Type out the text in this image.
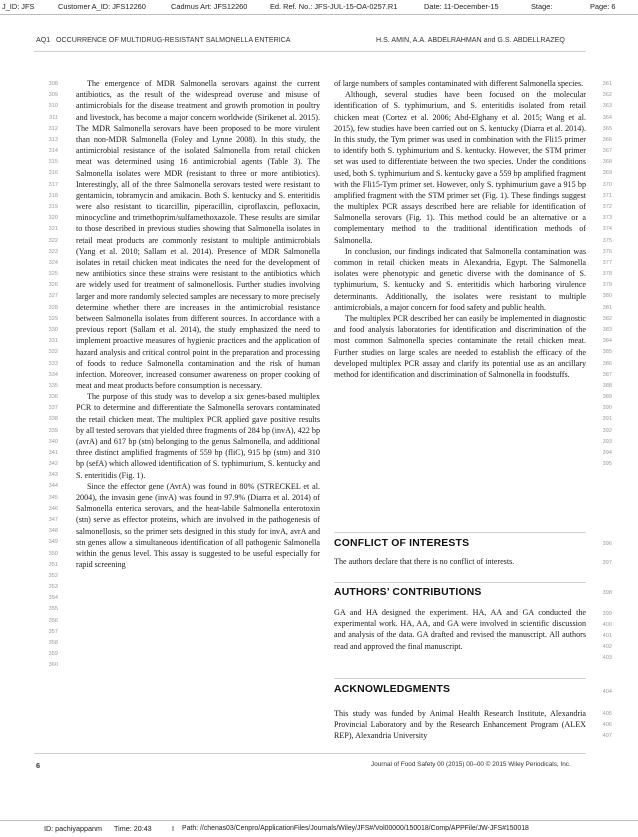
J_ID: JFS	Customer A_ID: JFS12260	Cadmus Art: JFS12260	Ed. Ref. No.: JFS-JUL-15-OA-0257.R1	Date: 11-December-15	Stage:	Page: 6
AQ1 OCCURRENCE OF MULTIDRUG-RESISTANT SALMONELLA ENTERICA	H.S. AMIN, A.A. ABDELRAHMAN and G.S. ABDELLRAZEQ
308
309
310
311
312
313
314
315
316
317
318
319
320
321
322
323
324
325
326
327
328
329
330
331
332
333
334
335
336
337
338
339
340
341
342
343
344
345
346
347
348
349
350
351
352
353
354
355
356
357
358
359
360
361
362
363
364
365
366
367
368
369
370
371
372
373
374
375
376
377
378
379
380
381
382
383
384
385
386
387
388
389
390
391
392
393
394
395

The emergence of MDR Salmonella serovars against the current antibiotics, as the result of the widespread overuse and misuse of antimicrobials for the disease treatment and growth promotion in poultry and livestock, has become a major concern worldwide (Sirikenet al. 2015). The MDR Salmonella serovars have been proposed to be more virulent than non-MDR Salmonella (Foley and Lynne 2008). In this study, the antimicrobial resistance of the isolated Salmonella from retail chicken meat was determined using 16 antimicrobial agents (Table 3). The Salmonella isolates were MDR (resistant to three or more antibiotics). Interestingly, all of the three Salmonella serovars tested were resistant to gentamicin, tobramycin and amikacin. Both S. kentucky and S. enteritidis were also resistant to ticarcillin, piperacillin, ciproflaxcin, pefloxacin, minocycline and trimethoprim/sulfamethoxazole. These results are similar to those described in previous studies showing that Salmonella isolates in retail meat products are commonly resistant to multiple antimicrobials (Yang et al. 2010; Sallam et al. 2014). Presence of MDR Salmonella isolates in retail chicken meat indicates the need for the development of new antibiotics since these strains were resistant to the antibiotics which are widely used for treatment of salmonellosis. Further studies involving larger and more randomly selected samples are necessary to more precisely determine whether there are increases in the antimicrobial resistance between Salmonella isolates from different sources. In accordance with a previous report (Sallam et al. 2014), the study emphasized the need to implement proactive measures of hygienic practices and the application of hazard analysis and critical control point in the preparation and processing of foods to reduce Salmonella contamination and the risk of human infection. Moreover, increased consumer awareness on proper cooking of meat and meat products before consumption is necessary.

The purpose of this study was to develop a six genes-based multiplex PCR to determine and differentiate the Salmonella serovars contaminated the retail chicken meat. The multiplex PCR applied gave positive results by all tested serovars that yielded three fragments of 284 bp (invA), 422 bp (avrA) and 617 bp (stn) belonging to the genus Salmonella, and additional three distinct amplified fragments of 559 bp (fliC), 915 bp (stm) and 310 bp (sefA) which allowed identification of S. typhimurium, S. kentucky and S. enteritidis (Fig. 1).

Since the effector gene (AvrA) was found in 80% (STRECKEL et al. 2004), the invasin gene (invA) was found in 97.9% (Diarra et al. 2014) of Salmonella enterica serovars, and the heat-labile Salmonella enterotoxin (stn) serve as effector proteins, which are involved in the pathogenesis of salmonellosis, so the primer sets designed in this study for invA, avrA and stn genes allow a simultaneous identification of all pathogenic Salmonella within the genus level. This assay is suggested to be useful especially for rapid screening

of large numbers of samples contaminated with different Salmonella species.

Although, several studies have been focused on the molecular identification of S. typhimurium, and S. enteritidis isolated from retail chicken meat (Cortez et al. 2006; Abd-Elghany et al. 2015; Wang et al. 2015), few studies have been carried out on S. kentucky (Diarra et al. 2014). In this study, the Tym primer was used in combination with the Fli15 primer to identify both S. typhimurium and S. kentucky. However, the STM primer set was used to differentiate between the two species. Under the conditions used, both S. typhimurium and S. kentucky gave a 559 bp amplified fragment with the Fli15-Tym primer set. However, only S. typhimurium gave a 915 bp amplified fragment with the STM primer set (Fig. 1). These findings suggest the multiplex PCR assays described here are reliable for identification of Salmonella serovars (Fig. 1). This method could be an alternative or a complementary method to the traditional identification methods of Salmonella.

In conclusion, our findings indicated that Salmonella contamination was common in retail chicken meats in Alexandria, Egypt. The Salmonella isolates were phenotypic and genetic diverse with the dominance of S. typhimurium, S. kentucky and S. enteritidis which harboring virulence determinants. Additionally, the isolates were resistant to multiple antimicrobials, a major concern for food safety and public health.

The multiplex PCR described her can easily be implemented in diagnostic and food analysis laboratories for identification and discrimination of the most common Salmonella species contaminate the retail chicken meat. Further studies on large scales are needed to establish the efficacy of the developed multiplex PCR assay and clarify its potential use as an ancillary method for identification and discrimination of Salmonella in foodstuffs.

CONFLICT OF INTERESTS

The authors declare that there is no conflict of interests.

AUTHORS’ CONTRIBUTIONS

GA and HA designed the experiment. HA, AA and GA conducted the experimental work. HA, AA, and GA were involved in scientific discussion and analysis of the data. GA drafted and revised the manuscript. All authors read and approved the final manuscript.

ACKNOWLEDGMENTS

This study was funded by Animal Health Research Institute, Alexandria Provincial Laboratory and by the Research Enhancement Program (ALEX REP), Alexandria University

396
397
398
399
400
401
402
403
404
405
406
407
6	Journal of Food Safety 00 (2015) 00–00 © 2015 Wiley Periodicals, Inc.
ID: pachiyappanm Time: 20:43	I Path: //chenas03/Cenpro/ApplicationFiles/Journals/Wiley/JFS#/Vol00000/150018/Comp/APPFile/JW-JFS#150018
